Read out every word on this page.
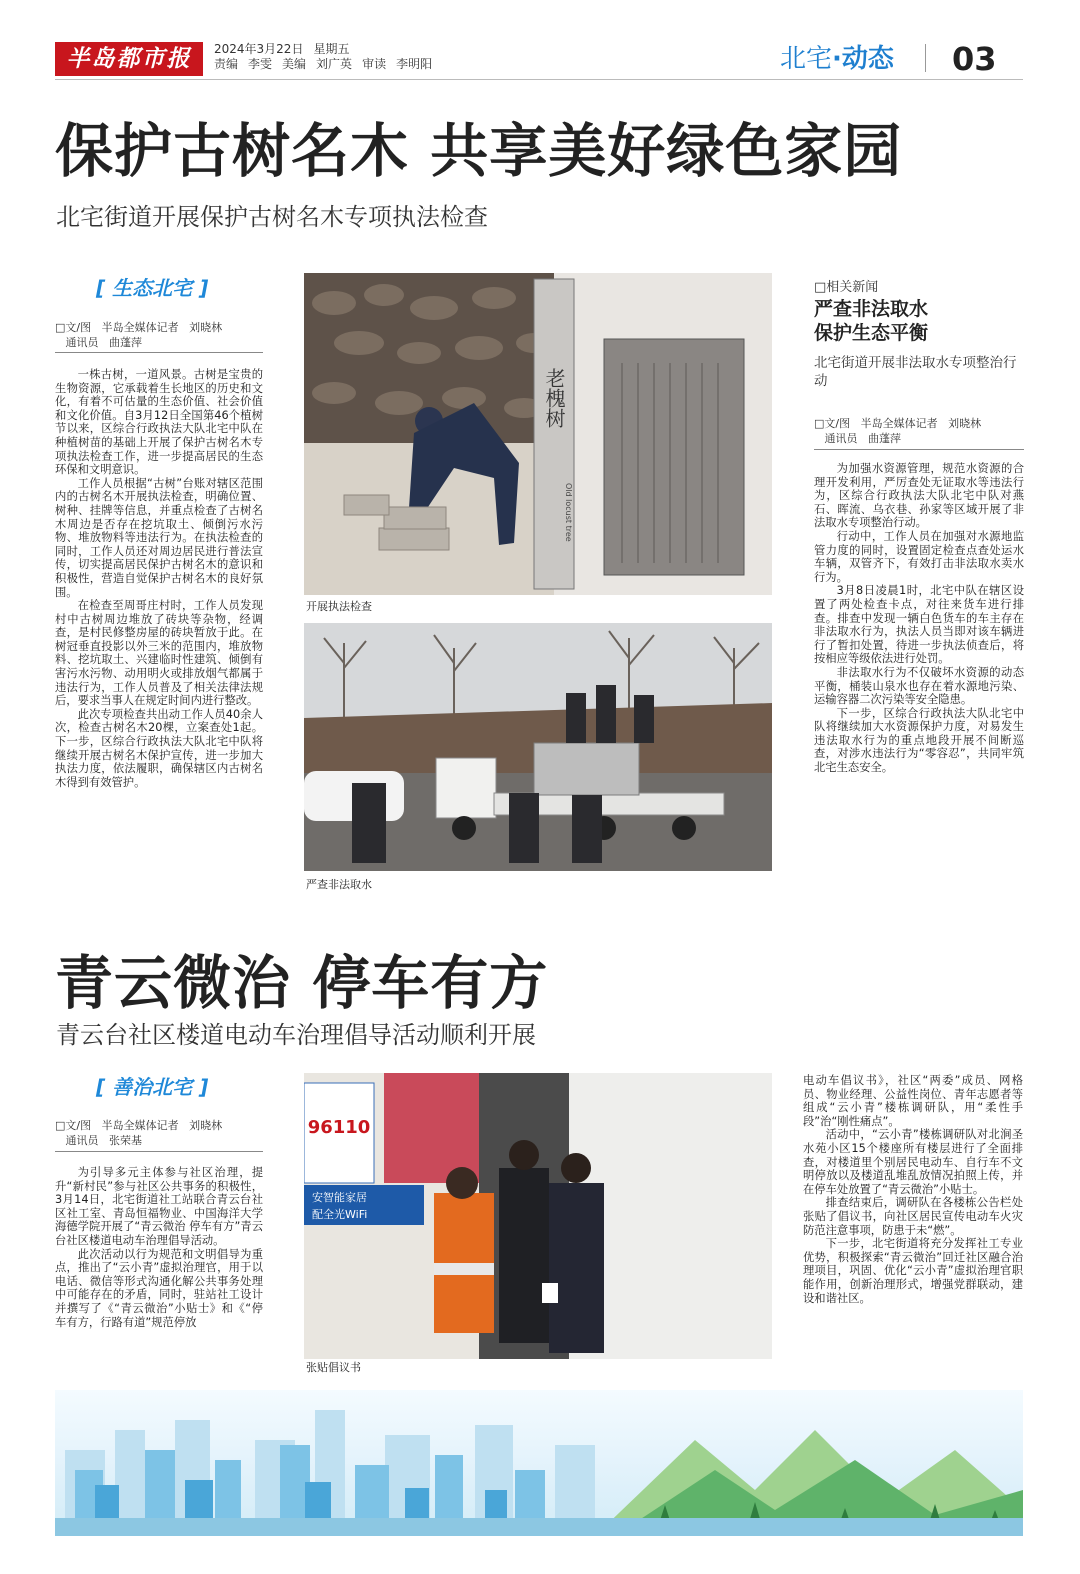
半岛都市报	2024年3月22日 星期五
责编 李雯 美编 刘广英 审读 李明阳	北宅·动态 03
保护古树名木 共享美好绿色家园
北宅街道开展保护古树名木专项执法检查
[ 生态北宅 ]
□文/图   半岛全媒体记者   刘晓林
通讯员   曲蓬萍

一株古树，一道风景。古树是宝贵的生物资源，它承载着生长地区的历史和文化，有着不可估量的生态价值、社会价值和文化价值。自3月12日全国第46个植树节以来，区综合行政执法大队北宅中队在种植树苗的基础上开展了保护古树名木专项执法检查工作，进一步提高居民的生态环保和文明意识。

工作人员根据“古树”台账对辖区范围内的古树名木开展执法检查，明确位置、树种、挂牌等信息，并重点检查了古树名木周边是否存在挖坑取土、倾倒污水污物、堆放物料等违法行为。在执法检查的同时，工作人员还对周边居民进行普法宣传，切实提高居民保护古树名木的意识和积极性，营造自觉保护古树名木的良好氛围。

在检查至周哥庄村时，工作人员发现村中古树周边堆放了砖块等杂物，经调查，是村民修整房屋的砖块暂放于此。在树冠垂直投影以外三米的范围内，堆放物料、挖坑取土、兴建临时性建筑、倾倒有害污水污物、动用明火或排放烟气都属于违法行为，工作人员普及了相关法律法规后，要求当事人在规定时间内进行整改。

此次专项检查共出动工作人员40余人次，检查古树名木20棵，立案查处1起。下一步，区综合行政执法大队北宅中队将继续开展古树名木保护宣传，进一步加大执法力度，依法履职，确保辖区内古树名木得到有效管护。

老槐树
Old locust tree
开展执法检查
严查非法取水
□相关新闻
严查非法取水
保护生态平衡
北宅街道开展非法取水专项整治行动
□文/图   半岛全媒体记者   刘晓林
通讯员   曲蓬萍

为加强水资源管理，规范水资源的合理开发利用，严厉查处无证取水等违法行为，区综合行政执法大队北宅中队对燕石、晖流、乌衣巷、孙家等区域开展了非法取水专项整治行动。

行动中，工作人员在加强对水源地监管力度的同时，设置固定检查点查处运水车辆，双管齐下，有效打击非法取水卖水行为。

3月8日凌晨1时，北宅中队在辖区设置了两处检查卡点，对往来货车进行排查。排查中发现一辆白色货车的车主存在非法取水行为，执法人员当即对该车辆进行了暂扣处置，待进一步执法侦查后，将按相应等级依法进行处罚。

非法取水行为不仅破坏水资源的动态平衡，桶装山泉水也存在着水源地污染、运输容器二次污染等安全隐患。

下一步，区综合行政执法大队北宅中队将继续加大水资源保护力度，对易发生违法取水行为的重点地段开展不间断巡查，对涉水违法行为“零容忍”，共同牢筑北宅生态安全。

青云微治 停车有方
青云台社区楼道电动车治理倡导活动顺利开展
[ 善治北宅 ]
□文/图   半岛全媒体记者   刘晓林
通讯员   张荣基

为引导多元主体参与社区治理，提升“新村民”参与社区公共事务的积极性，3月14日，北宅街道社工站联合青云台社区社工室、青岛恒福物业、中国海洋大学海德学院开展了“青云微治 停车有方”青云台社区楼道电动车治理倡导活动。

此次活动以行为规范和文明倡导为重点，推出了“云小青”虚拟治理官，用于以电话、微信等形式沟通化解公共事务处理中可能存在的矛盾，同时，驻站社工设计并撰写了《“青云微治”小贴士》和《“停车有方，行路有道”规范停放

96110
安智能家居
配全光WiFi
张贴倡议书

电动车倡议书》，社区“两委”成员、网格员、物业经理、公益性岗位、青年志愿者等组成“云小青”楼栋调研队，用“柔性手段”治“刚性痛点”。

活动中，“云小青”楼栋调研队对北涧圣水苑小区15个楼座所有楼层进行了全面排查，对楼道里个别居民电动车、自行车不文明停放以及楼道乱堆乱放情况拍照上传，并在停车处放置了“青云微治”小贴士。

排查结束后，调研队在各楼栋公告栏处张贴了倡议书，向社区居民宣传电动车火灾防范注意事项，防患于未“燃”。

下一步，北宅街道将充分发挥社工专业优势，积极探索“青云微治”回迁社区融合治理项目，巩固、优化“云小青”虚拟治理官职能作用，创新治理形式，增强党群联动，建设和谐社区。
